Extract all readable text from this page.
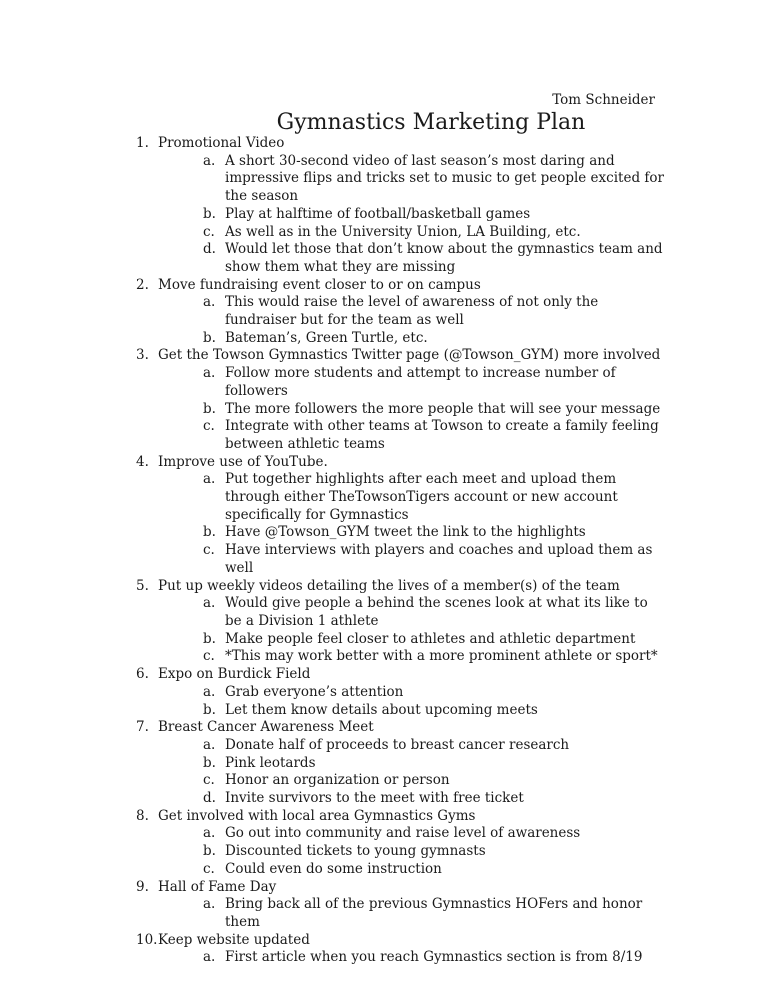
Tom Schneider
Gymnastics Marketing Plan
1. Promotional Video
a. A short 30-second video of last season’s most daring and impressive flips and tricks set to music to get people excited for the season
b. Play at halftime of football/basketball games
c. As well as in the University Union, LA Building, etc.
d. Would let those that don’t know about the gymnastics team and show them what they are missing
2. Move fundraising event closer to or on campus
a. This would raise the level of awareness of not only the fundraiser but for the team as well
b. Bateman’s, Green Turtle, etc.
3. Get the Towson Gymnastics Twitter page (@Towson_GYM) more involved
a. Follow more students and attempt to increase number of followers
b. The more followers the more people that will see your message
c. Integrate with other teams at Towson to create a family feeling between athletic teams
4. Improve use of YouTube.
a. Put together highlights after each meet and upload them through either TheTowsonTigers account or new account specifically for Gymnastics
b. Have @Towson_GYM tweet the link to the highlights
c. Have interviews with players and coaches and upload them as well
5. Put up weekly videos detailing the lives of a member(s) of the team
a. Would give people a behind the scenes look at what its like to be a Division 1 athlete
b. Make people feel closer to athletes and athletic department
c. *This may work better with a more prominent athlete or sport*
6. Expo on Burdick Field
a. Grab everyone’s attention
b. Let them know details about upcoming meets
7. Breast Cancer Awareness Meet
a. Donate half of proceeds to breast cancer research
b. Pink leotards
c. Honor an organization or person
d. Invite survivors to the meet with free ticket
8. Get involved with local area Gymnastics Gyms
a. Go out into community and raise level of awareness
b. Discounted tickets to young gymnasts
c. Could even do some instruction
9. Hall of Fame Day
a. Bring back all of the previous Gymnastics HOFers and honor them
10. Keep website updated
a. First article when you reach Gymnastics section is from 8/19
